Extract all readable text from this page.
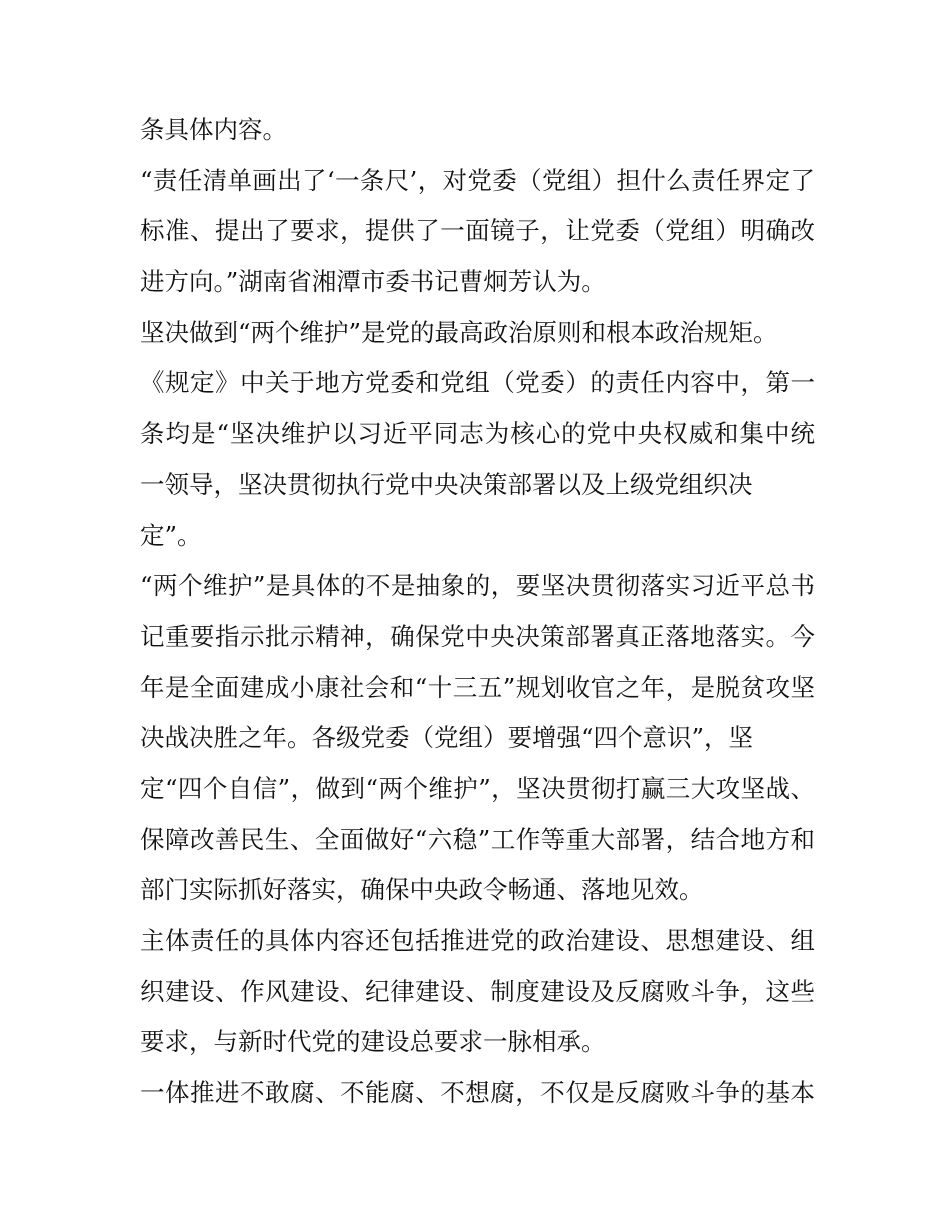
条具体内容。
“责任清单画出了‘一条尺’，对党委（党组）担什么责任界定了
标准、提出了要求，提供了一面镜子，让党委（党组）明确改
进方向。”湖南省湘潭市委书记曹炯芳认为。
坚决做到“两个维护”是党的最高政治原则和根本政治规矩。
《规定》中关于地方党委和党组（党委）的责任内容中，第一
条均是“坚决维护以习近平同志为核心的党中央权威和集中统
一领导，坚决贯彻执行党中央决策部署以及上级党组织决
定”。
“两个维护”是具体的不是抽象的，要坚决贯彻落实习近平总书
记重要指示批示精神，确保党中央决策部署真正落地落实。今
年是全面建成小康社会和“十三五”规划收官之年，是脱贫攻坚
决战决胜之年。各级党委（党组）要增强“四个意识”，坚
定“四个自信”，做到“两个维护”，坚决贯彻打赢三大攻坚战、
保障改善民生、全面做好“六稳”工作等重大部署，结合地方和
部门实际抓好落实，确保中央政令畅通、落地见效。
主体责任的具体内容还包括推进党的政治建设、思想建设、组
织建设、作风建设、纪律建设、制度建设及反腐败斗争，这些
要求，与新时代党的建设总要求一脉相承。
一体推进不敢腐、不能腐、不想腐，不仅是反腐败斗争的基本
